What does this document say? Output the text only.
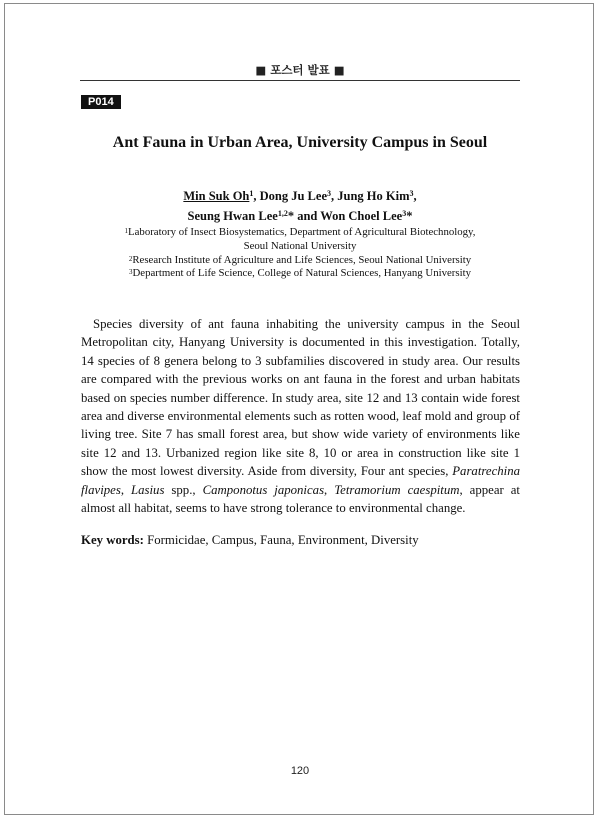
■ 포스터 발표 ■
P014
Ant Fauna in Urban Area, University Campus in Seoul
Min Suk Oh$^1$, Dong Ju Lee$^3$, Jung Ho Kim$^3$,
Seung Hwan Lee$^{1,2}$* and Won Choel Lee$^3$*
$^1$Laboratory of Insect Biosystematics, Department of Agricultural Biotechnology,
Seoul National University
$^2$Research Institute of Agriculture and Life Sciences, Seoul National University
$^3$Department of Life Science, College of Natural Sciences, Hanyang University

Species diversity of ant fauna inhabiting the university campus in the Seoul Metropolitan city, Hanyang University is documented in this investigation. Totally, 14 species of 8 genera belong to 3 subfamilies discovered in study area. Our results are compared with the previous works on ant fauna in the forest and urban habitats based on species number difference. In study area, site 12 and 13 contain wide forest area and diverse environmental elements such as rotten wood, leaf mold and group of living tree. Site 7 has small forest area, but show wide variety of environments like site 12 and 13. Urbanized region like site 8, 10 or area in construction like site 1 show the most lowest diversity. Aside from diversity, Four ant species, Paratrechina flavipes, Lasius spp., Camponotus japonicas, Tetramorium caespitum, appear at almost all habitat, seems to have strong tolerance to environmental change.

Key words: Formicidae, Campus, Fauna, Environment, Diversity

120
